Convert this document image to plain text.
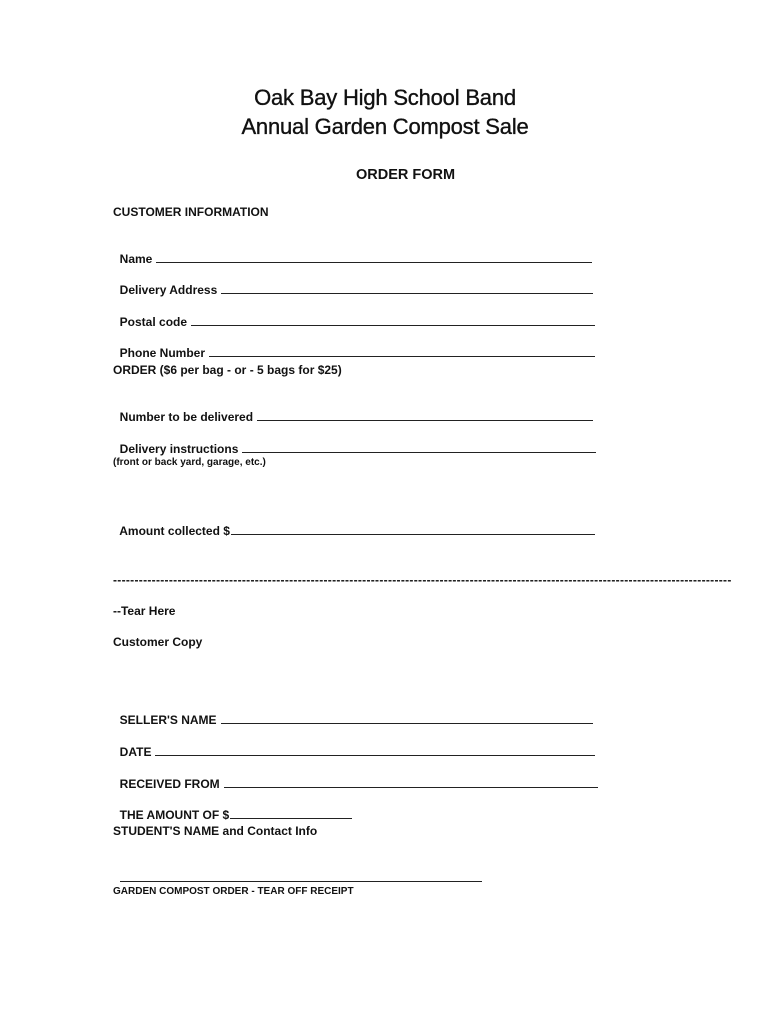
Oak Bay High School Band
Annual Garden Compost Sale
ORDER FORM
CUSTOMER INFORMATION

Name

Delivery Address

Postal code

Phone Number

ORDER ($6 per bag - or - 5 bags for $25)

Number to be delivered

Delivery instructions

(front or back yard, garage, etc.)

Amount collected $

------------------------------------------------------------------------------------------------------------------------------------------------
--Tear Here
Customer Copy

SELLER'S NAME

DATE

RECEIVED FROM

THE AMOUNT OF $

STUDENT'S NAME and Contact Info

GARDEN COMPOST ORDER - TEAR OFF RECEIPT
